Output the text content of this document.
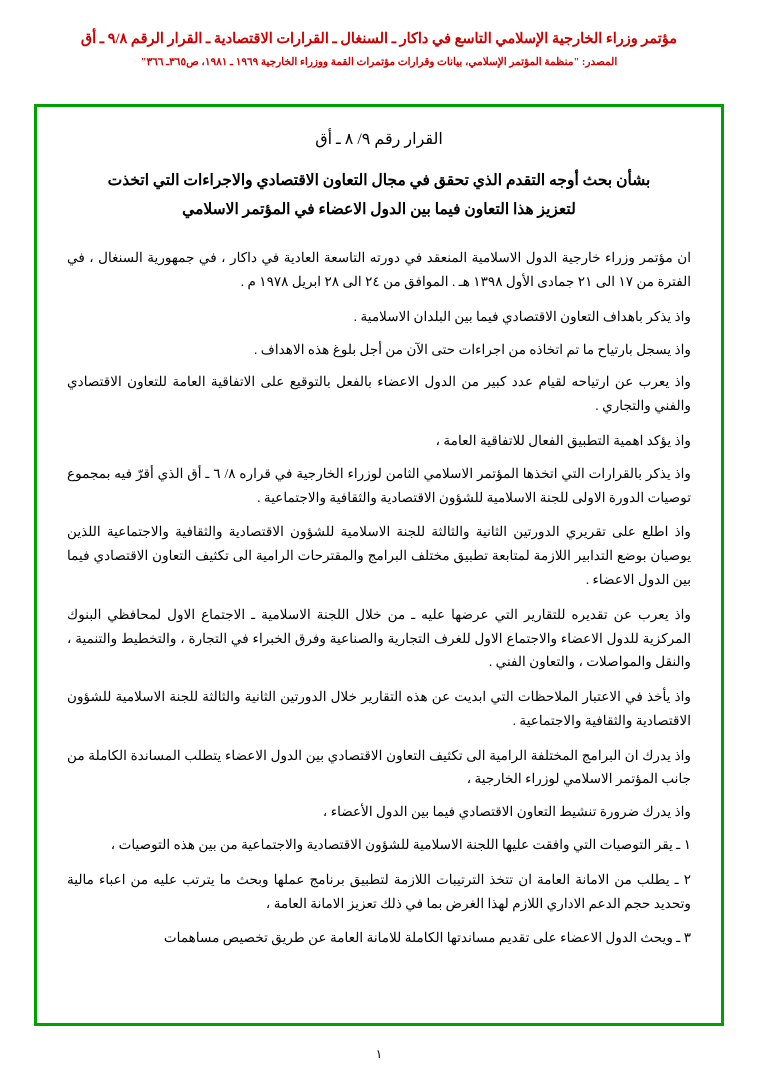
مؤتمر وزراء الخارجية الإسلامي التاسع في داكار ـ السنغال ـ القرارات الاقتصادية ـ القرار الرقم ٩/٨ ـ أق
المصدر: "منظمة المؤتمر الإسلامي، بيانات وقرارات مؤتمرات القمة ووزراء الخارجية ١٩٦٩ ـ ١٩٨١، ص٣٦٥ـ ٣٦٦"
القرار رقم ٩/ ٨ ـ أق
بشأن بحث أوجه التقدم الذي تحقق في مجال التعاون الاقتصادي والاجراءات التي اتخذت
لتعزيز هذا التعاون فيما بين الدول الاعضاء في المؤتمر الاسلامي

ان مؤتمر وزراء خارجية الدول الاسلامية المنعقد في دورته التاسعة العادية في داكار ، في جمهورية السنغال ، في الفترة من ١٧ الى ٢١ جمادى الأول ١٣٩٨ هـ . الموافق من ٢٤ الى ٢٨ ابريل ١٩٧٨ م .

واذ يذكر باهداف التعاون الاقتصادي فيما بين البلدان الاسلامية .

واذ يسجل بارتياح ما تم اتخاذه من اجراءات حتى الآن من أجل بلوغ هذه الاهداف .

واذ يعرب عن ارتياحه لقيام عدد كبير من الدول الاعضاء بالفعل بالتوقيع على الاتفاقية العامة للتعاون الاقتصادي والفني والتجاري .

واذ يؤكد اهمية التطبيق الفعال للاتفاقية العامة ،

واذ يذكر بالقرارات التي اتخذها المؤتمر الاسلامي الثامن لوزراء الخارجية في قراره ٨/ ٦ ـ أق الذي أقرّ فيه بمجموع توصيات الدورة الاولى للجنة الاسلامية للشؤون الاقتصادية والثقافية والاجتماعية .

واذ اطلع على تقريري الدورتين الثانية والثالثة للجنة الاسلامية للشؤون الاقتصادية والثقافية والاجتماعية اللذين يوصيان بوضع التدابير اللازمة لمتابعة تطبيق مختلف البرامج والمقترحات الرامية الى تكثيف التعاون الاقتصادي فيما بين الدول الاعضاء .

واذ يعرب عن تقديره للتقارير التي عرضها عليه ـ من خلال اللجنة الاسلامية ـ الاجتماع الاول لمحافظي البنوك المركزية للدول الاعضاء والاجتماع الاول للغرف التجارية والصناعية وفرق الخبراء في التجارة ، والتخطيط والتنمية ، والنقل والمواصلات ، والتعاون الفني .

واذ يأخذ في الاعتبار الملاحظات التي ابديت عن هذه التقارير خلال الدورتين الثانية والثالثة للجنة الاسلامية للشؤون الاقتصادية والثقافية والاجتماعية .

واذ يدرك ان البرامج المختلفة الرامية الى تكثيف التعاون الاقتصادي بين الدول الاعضاء يتطلب المساندة الكاملة من جانب المؤتمر الاسلامي لوزراء الخارجية ،

واذ يدرك ضرورة تنشيط التعاون الاقتصادي فيما بين الدول الأعضاء ،

١ ـ يقر التوصيات التي وافقت عليها اللجنة الاسلامية للشؤون الاقتصادية والاجتماعية من بين هذه التوصيات ،

٢ ـ يطلب من الامانة العامة ان تتخذ الترتيبات اللازمة لتطبيق برنامج عملها وبحث ما يترتب عليه من اعباء مالية وتحديد حجم الدعم الاداري اللازم لهذا الغرض بما في ذلك تعزيز الامانة العامة ،

٣ ـ ويحث الدول الاعضاء على تقديم مساندتها الكاملة للامانة العامة عن طريق تخصيص مساهمات

١
